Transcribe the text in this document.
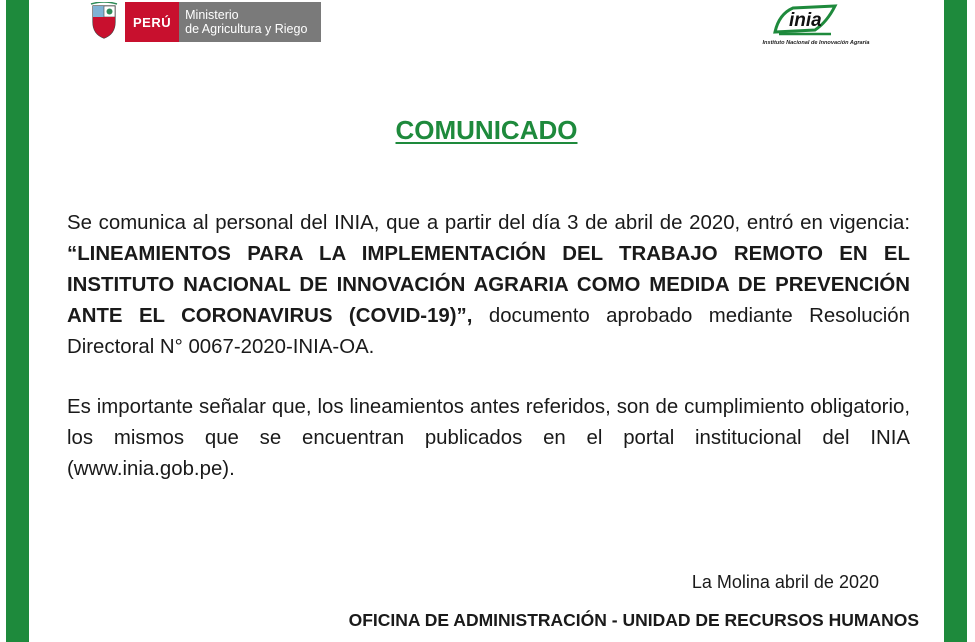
PERÚ	Ministerio
de Agricultura y Riego	inia
Instituto Nacional de Innovación Agraria
COMUNICADO
Se comunica al personal del INIA, que a partir del día 3 de abril de 2020, entró en vigencia: “LINEAMIENTOS PARA LA IMPLEMENTACIÓN DEL TRABAJO REMOTO EN EL INSTITUTO NACIONAL DE INNOVACIÓN AGRARIA COMO MEDIDA DE PREVENCIÓN ANTE EL CORONAVIRUS (COVID-19)”, documento aprobado mediante Resolución Directoral N° 0067-2020-INIA-OA.
Es importante señalar que, los lineamientos antes referidos, son de cumplimiento obligatorio, los mismos que se encuentran publicados en el portal institucional del INIA (www.inia.gob.pe).
La Molina abril de 2020
OFICINA DE ADMINISTRACIÓN - UNIDAD DE RECURSOS HUMANOS
